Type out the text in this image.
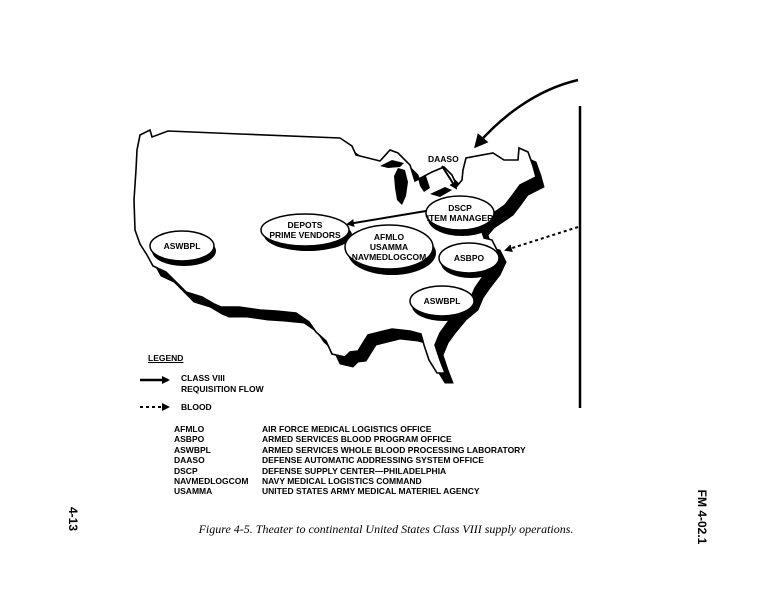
DEPOTS
PRIME VENDORS
ASWBPL
AFMLO
USAMMA
NAVMEDLOGCOM
DSCP
ITEM MANAGER
ASBPO
ASWBPL
DAASO
LEGEND
CLASS VIII
REQUISITION FLOW
BLOOD
AFMLO	AIR FORCE MEDICAL LOGISTICS OFFICE
ASBPO	ARMED SERVICES BLOOD PROGRAM OFFICE
ASWBPL	ARMED SERVICES WHOLE BLOOD PROCESSING LABORATORY
DAASO	DEFENSE AUTOMATIC ADDRESSING SYSTEM OFFICE
DSCP	DEFENSE SUPPLY CENTER—PHILADELPHIA
NAVMEDLOGCOM	NAVY MEDICAL LOGISTICS COMMAND
USAMMA	UNITED STATES ARMY MEDICAL MATERIEL AGENCY
Figure 4-5. Theater to continental United States Class VIII supply operations.
4-13	FM 4-02.1
